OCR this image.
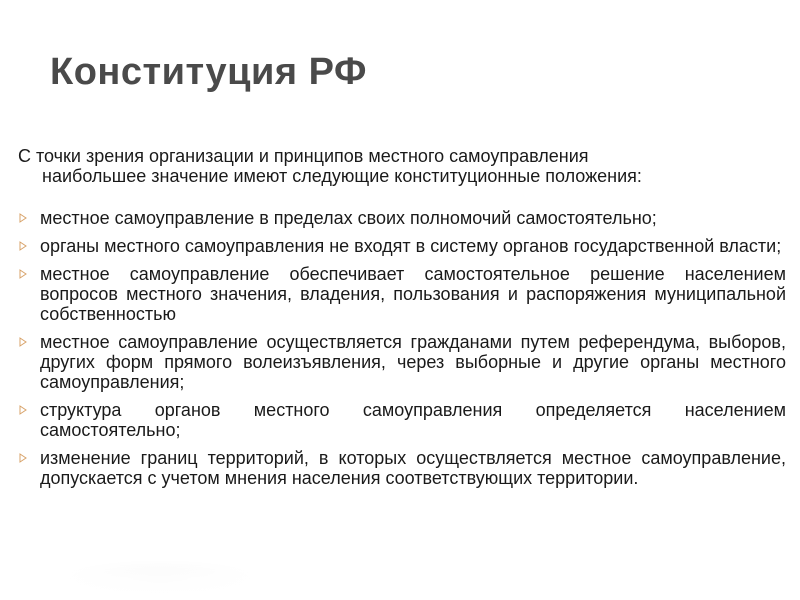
Конституция РФ

С точки зрения организации и принципов местного самоуправления
наибольшее значение имеют следующие конституционные положения:

местное самоуправление в пределах своих полномочий самостоятельно;
органы местного самоуправления не входят в систему органов государственной власти;
местное самоуправление обеспечивает самостоятельное решение населением вопросов местного значения, владения, пользования и распоряжения муниципальной собственностью
местное самоуправление осуществляется гражданами путем референдума, выборов, других форм прямого волеизъявления, через выборные и другие органы местного самоуправления;
структура органов местного самоуправления определяется населением самостоятельно;
изменение границ территорий, в которых осуществляется местное самоуправление, допускается с учетом мнения населения соответствующих территории.
